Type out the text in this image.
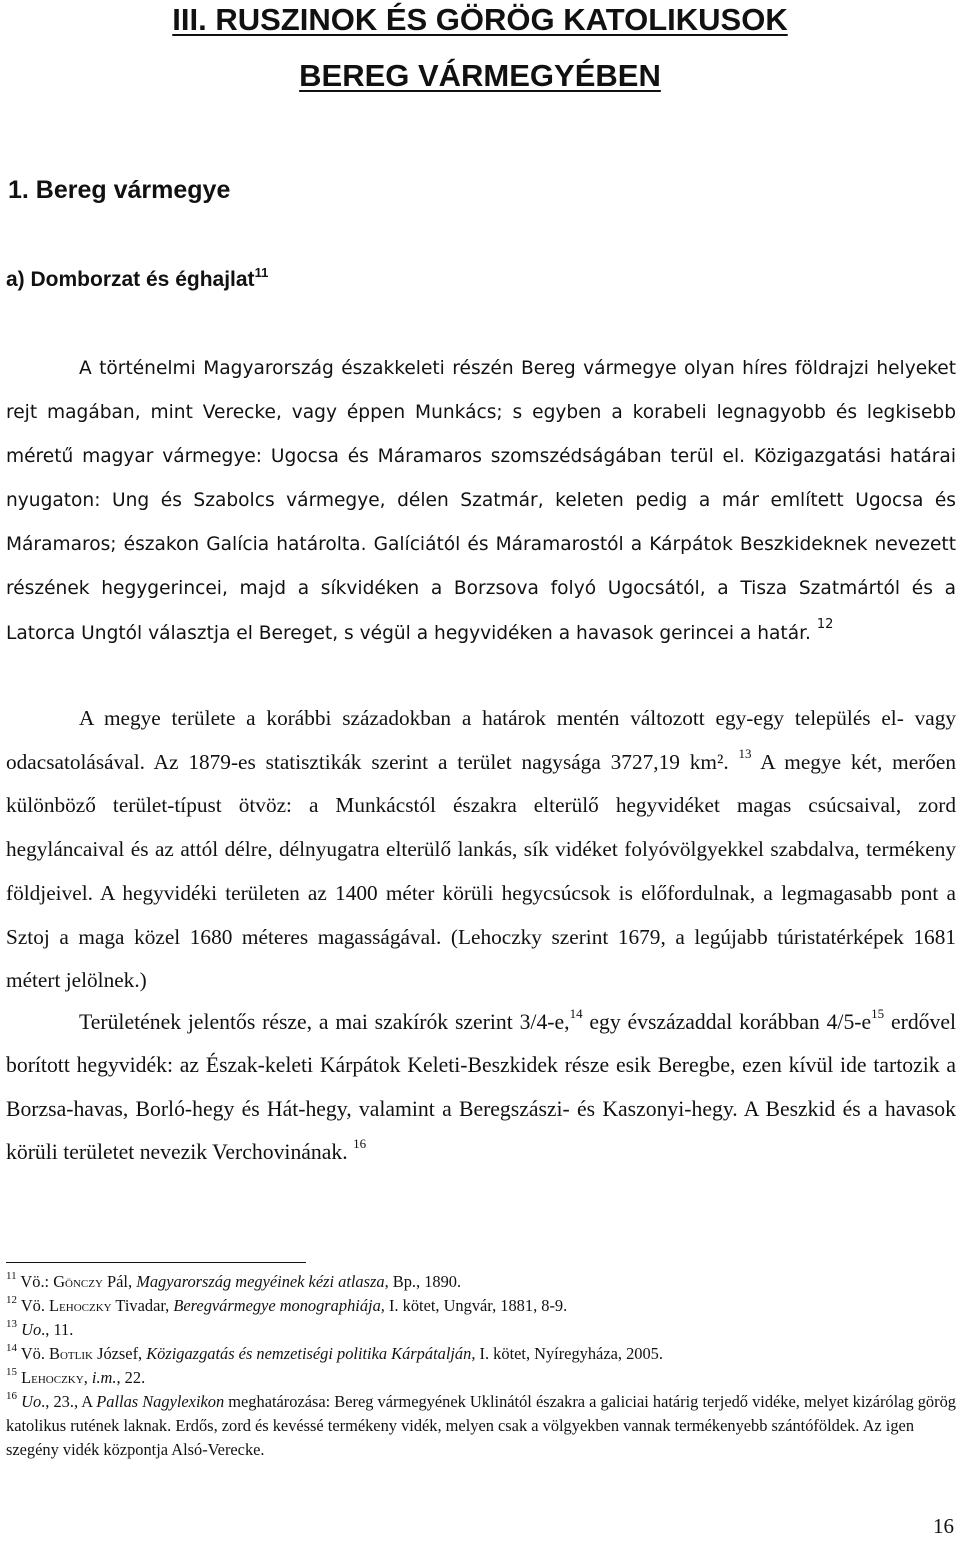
III. RUSZINOK ÉS GÖRÖG KATOLIKUSOK
BEREG VÁRMEGYÉBEN
1. Bereg vármegye
a) Domborzat és éghajlat$^{11}$

A történelmi Magyarország északkeleti részén Bereg vármegye olyan híres földrajzi helyeket rejt magában, mint Verecke, vagy éppen Munkács; s egyben a korabeli legnagyobb és legkisebb méretű magyar vármegye: Ugocsa és Máramaros szomszédságában terül el. Közigazgatási határai nyugaton: Ung és Szabolcs vármegye, délen Szatmár, keleten pedig a már említett Ugocsa és Máramaros; északon Galícia határolta. Galíciától és Máramarostól a Kárpátok Beszkideknek nevezett részének hegygerincei, majd a síkvidéken a Borzsova folyó Ugocsától, a Tisza Szatmártól és a Latorca Ungtól választja el Bereget, s végül a hegyvidéken a havasok gerincei a határ. $^{12}$

A megye területe a korábbi századokban a határok mentén változott egy-egy település el- vagy odacsatolásával. Az 1879-es statisztikák szerint a terület nagysága 3727,19 km². $^{13}$ A megye két, merően különböző terület-típust ötvöz: a Munkácstól északra elterülő hegyvidéket magas csúcsaival, zord hegyláncaival és az attól délre, délnyugatra elterülő lankás, sík vidéket folyóvölgyekkel szabdalva, termékeny földjeivel. A hegyvidéki területen az 1400 méter körüli hegycsúcsok is előfordulnak, a legmagasabb pont a Sztoj a maga közel 1680 méteres magasságával. (Lehoczky szerint 1679, a legújabb túristatérképek 1681 métert jelölnek.)

Területének jelentős része, a mai szakírók szerint 3/4-e,$^{14}$ egy évszázaddal korábban 4/5-e$^{15}$ erdővel borított hegyvidék: az Észak-keleti Kárpátok Keleti-Beszkidek része esik Beregbe, ezen kívül ide tartozik a Borzsa-havas, Borló-hegy és Hát-hegy, valamint a Beregszászi- és Kaszonyi-hegy. A Beszkid és a havasok körüli területet nevezik Verchovinának. $^{16}$

$^{11}$ Vö.: Gönczy Pál, Magyarország megyéinek kézi atlasza, Bp., 1890.

$^{12}$ Vö. Lehoczky Tivadar, Beregvármegye monographiája, I. kötet, Ungvár, 1881, 8-9.

$^{13}$ Uo., 11.

$^{14}$ Vö. Botlik József, Közigazgatás és nemzetiségi politika Kárpátalján, I. kötet, Nyíregyháza, 2005.

$^{15}$ Lehoczky, i.m., 22.

$^{16}$ Uo., 23., A Pallas Nagylexikon meghatározása: Bereg vármegyének Uklinától északra a galiciai határig terjedő vidéke, melyet kizárólag görög katolikus rutének laknak. Erdős, zord és kevéssé termékeny vidék, melyen csak a völgyekben vannak termékenyebb szántóföldek. Az igen szegény vidék központja Alsó-Verecke.

16
